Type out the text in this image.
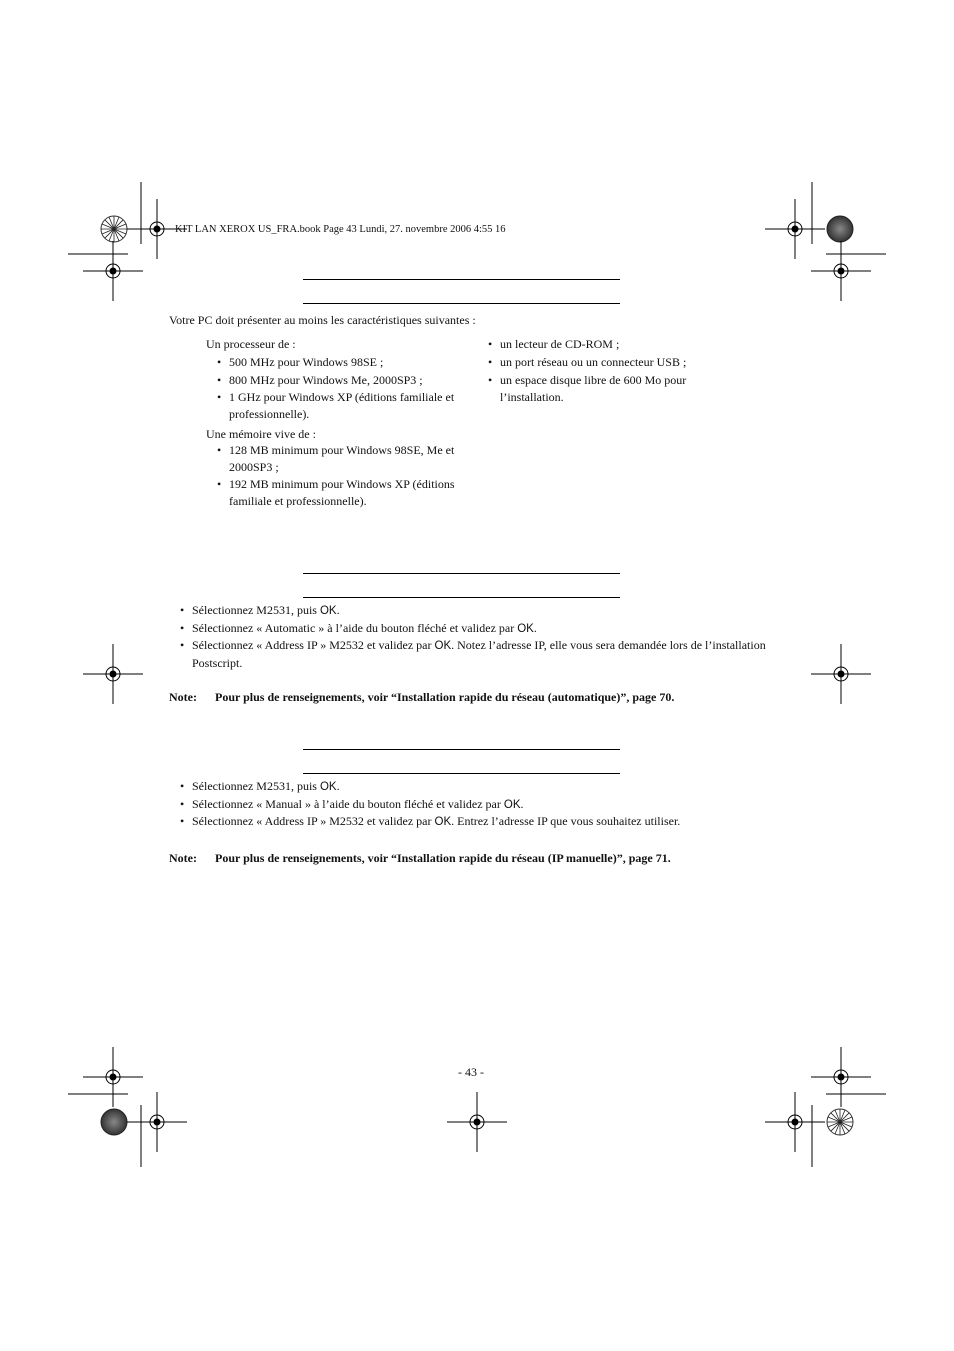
KIT LAN XEROX US_FRA.book Page 43 Lundi, 27. novembre 2006 4:55 16
Votre PC doit présenter au moins les caractéristiques suivantes :
Un processeur de :
• 500 MHz pour Windows 98SE ;
• 800 MHz pour Windows Me, 2000SP3 ;
• 1 GHz pour Windows XP (éditions familiale et professionnelle).
Une mémoire vive de :
• 128 MB minimum pour Windows 98SE, Me et 2000SP3 ;
• 192 MB minimum pour Windows XP (éditions familiale et professionnelle).
• un lecteur de CD-ROM ;
• un port réseau ou un connecteur USB ;
• un espace disque libre de 600 Mo pour l’installation.
• Sélectionnez M2531, puis OK.
• Sélectionnez « Automatic » à l’aide du bouton fléché et validez par OK.
• Sélectionnez « Address IP » M2532 et validez par OK. Notez l’adresse IP, elle vous sera demandée lors de l’installation Postscript.
Note: Pour plus de renseignements, voir “Installation rapide du réseau (automatique)”, page 70.
• Sélectionnez M2531, puis OK.
• Sélectionnez « Manual » à l’aide du bouton fléché et validez par OK.
• Sélectionnez « Address IP » M2532 et validez par OK. Entrez l’adresse IP que vous souhaitez utiliser.
Note: Pour plus de renseignements, voir “Installation rapide du réseau (IP manuelle)”, page 71.
- 43 -
